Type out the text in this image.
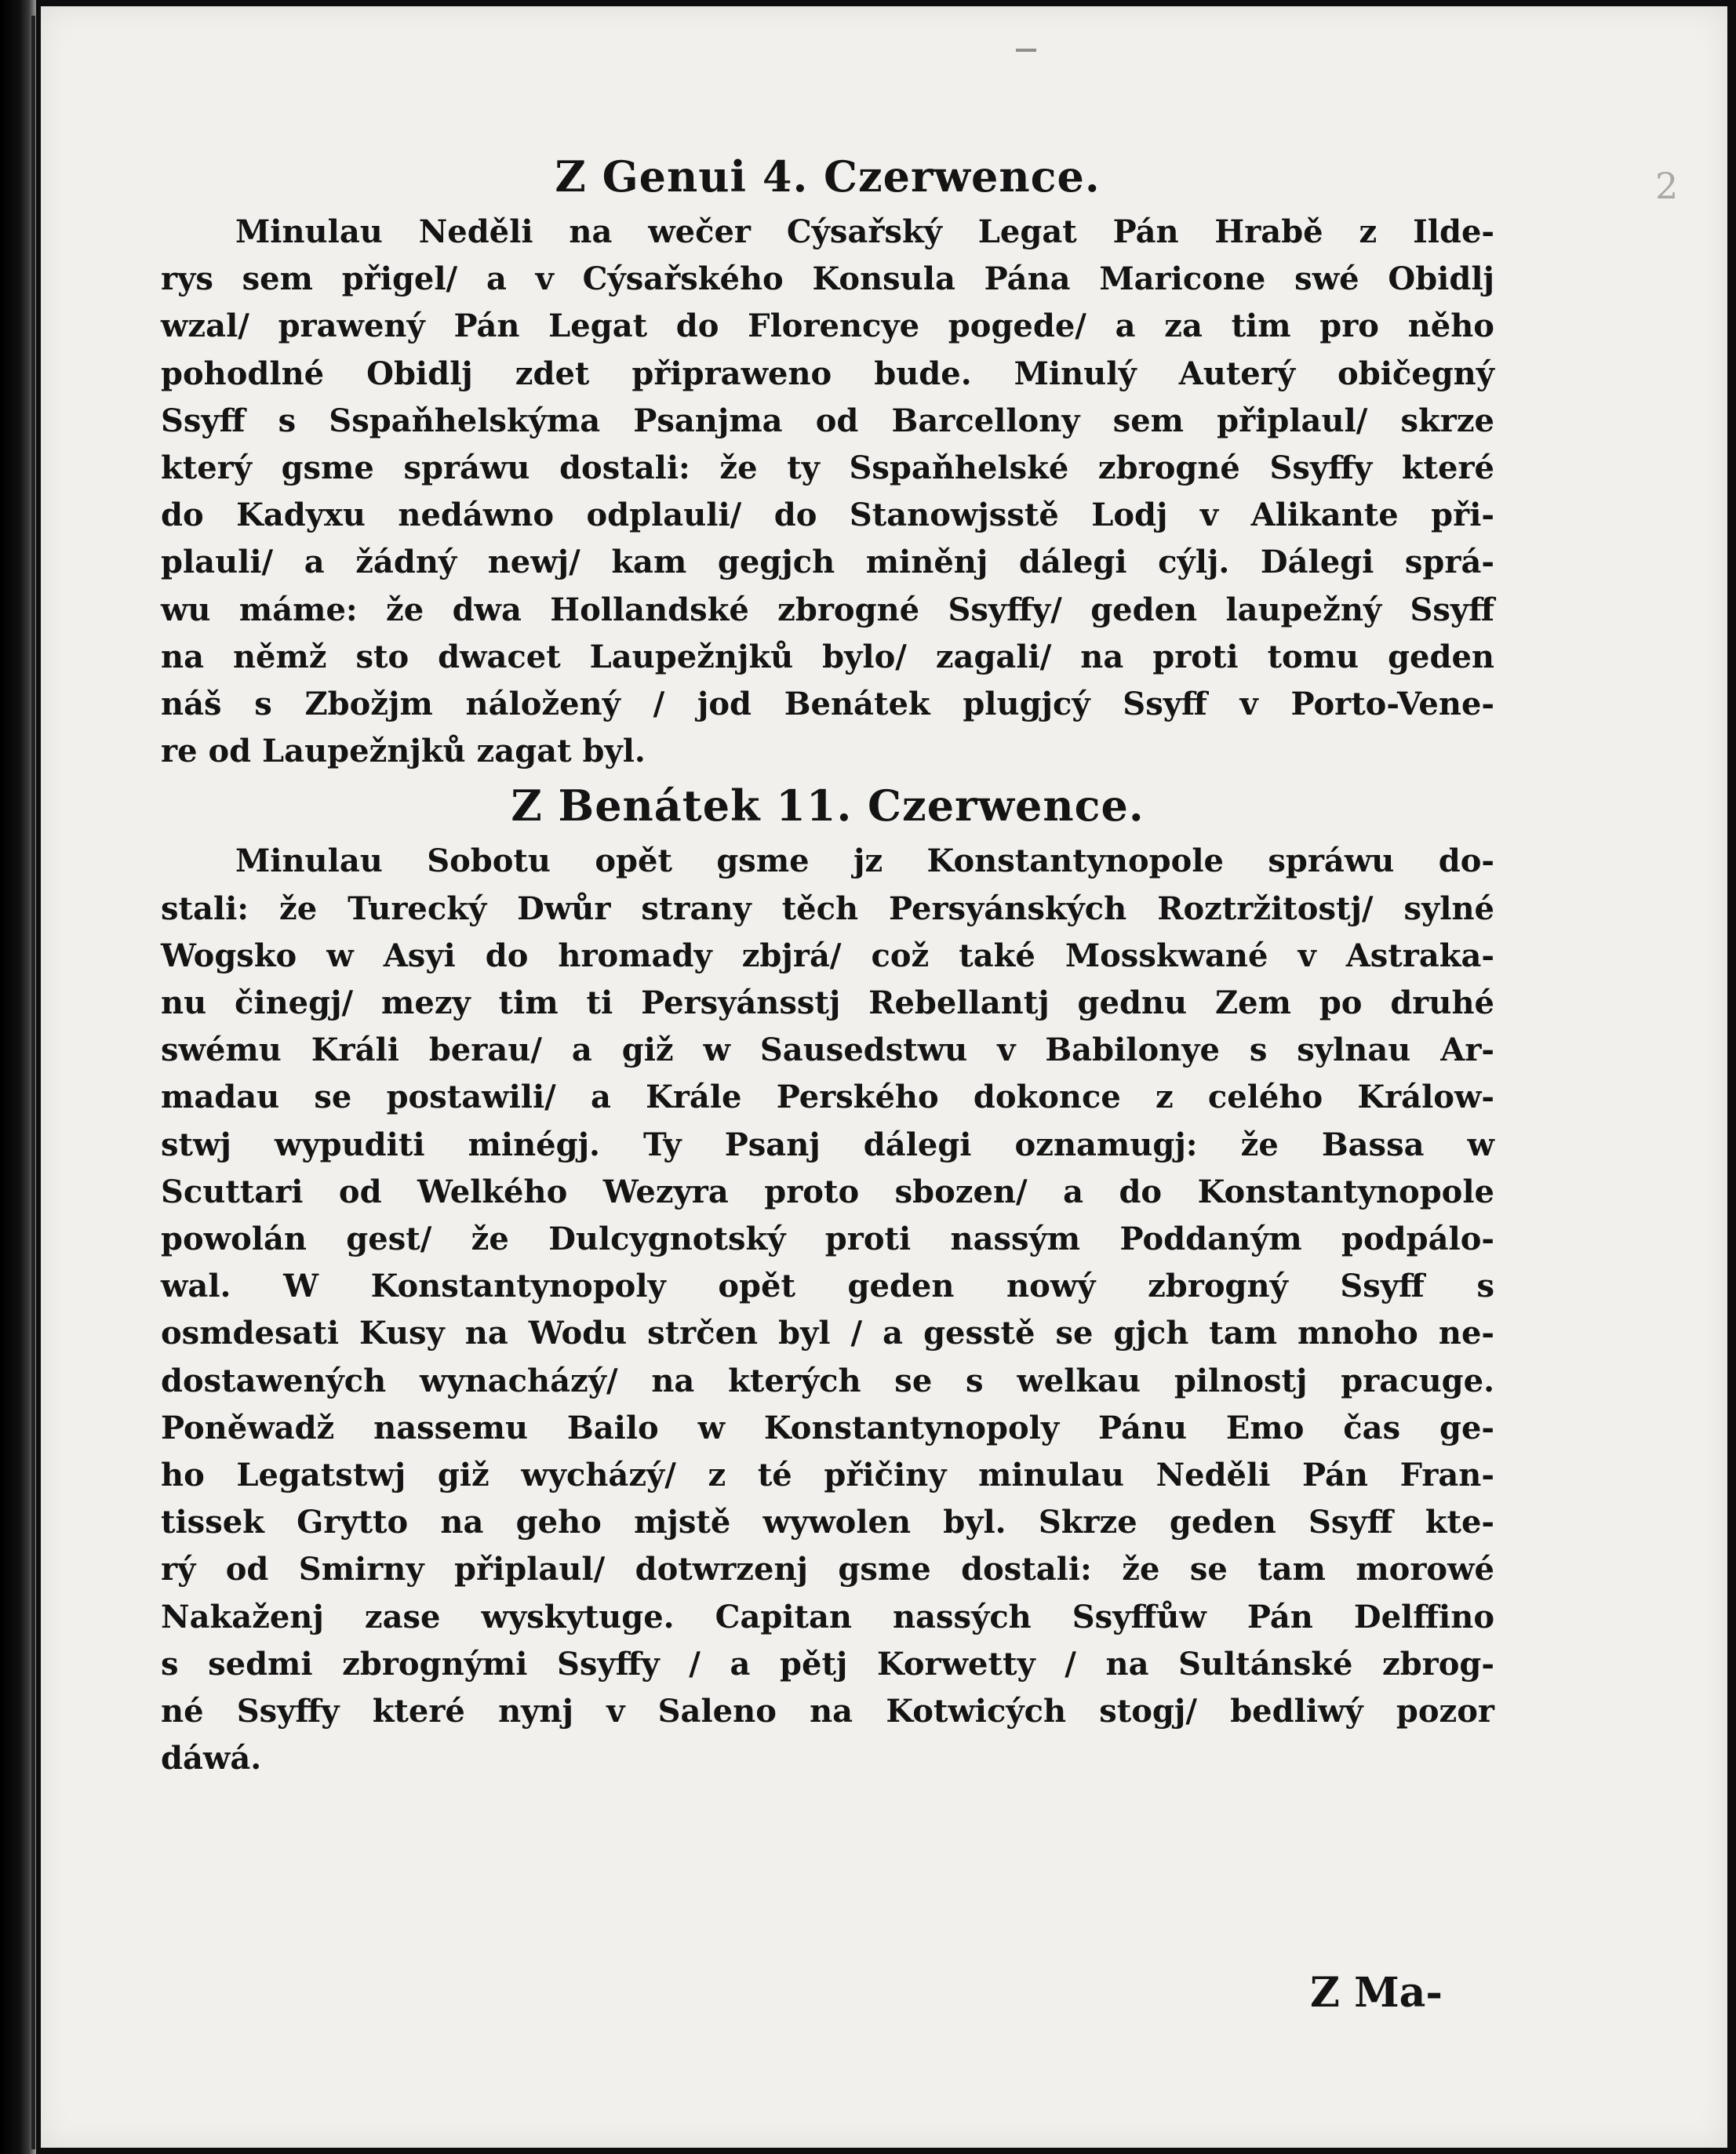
2
Z Genui 4. Czerwence.

Minulau Neděli na wečer Cýsařský Legat Pán Hrabě z Ilde-
rys sem přigel/ a v Cýsařského Konsula Pána Maricone swé Obidlj
wzal/ prawený Pán Legat do Florencye pogede/ a za tim pro něho
pohodlné Obidlj zdet připraweno bude. Minulý Auterý običegný
Ssyff s Sspaňhelskýma Psanjma od Barcellony sem připlaul/ skrze
který gsme spráwu dostali: že ty Sspaňhelské zbrogné Ssyffy které
do Kadyxu nedáwno odplauli/ do Stanowjsstě Lodj v Alikante při-
plauli/ a žádný newj/ kam gegjch miněnj dálegi cýlj. Dálegi sprá-
wu máme: že dwa Hollandské zbrogné Ssyffy/ geden laupežný Ssyff
na němž sto dwacet Laupežnjků bylo/ zagali/ na proti tomu geden
náš s Zbožjm náložený / jod Benátek plugjcý Ssyff v Porto-Vene-
re od Laupežnjků zagat byl.

Z Benátek 11. Czerwence.

Minulau Sobotu opět gsme jz Konstantynopole spráwu do-
stali: že Turecký Dwůr strany těch Persyánských Roztržitostj/ sylné
Wogsko w Asyi do hromady zbjrá/ což také Mosskwané v Astraka-
nu činegj/ mezy tim ti Persyánsstj Rebellantj gednu Zem po druhé
swému Králi berau/ a giž w Sausedstwu v Babilonye s sylnau Ar-
madau se postawili/ a Krále Perského dokonce z celého Králow-
stwj wypuditi minégj. Ty Psanj dálegi oznamugj: že Bassa w
Scuttari od Welkého Wezyra proto sbozen/ a do Konstantynopole
powolán gest/ že Dulcygnotský proti nassým Poddaným podpálo-
wal. W Konstantynopoly opět geden nowý zbrogný Ssyff s
osmdesati Kusy na Wodu strčen byl / a gesstě se gjch tam mnoho ne-
dostawených wynacházý/ na kterých se s welkau pilnostj pracuge.
Poněwadž nassemu Bailo w Konstantynopoly Pánu Emo čas ge-
ho Legatstwj giž wycházý/ z té přičiny minulau Neděli Pán Fran-
tissek Grytto na geho mjstě wywolen byl. Skrze geden Ssyff kte-
rý od Smirny připlaul/ dotwrzenj gsme dostali: že se tam morowé
Nakaženj zase wyskytuge. Capitan nassých Ssyffůw Pán Delffino
s sedmi zbrognými Ssyffy / a pětj Korwetty / na Sultánské zbrog-
né Ssyffy které nynj v Saleno na Kotwicých stogj/ bedliwý pozor
dáwá.

Z Ma-
